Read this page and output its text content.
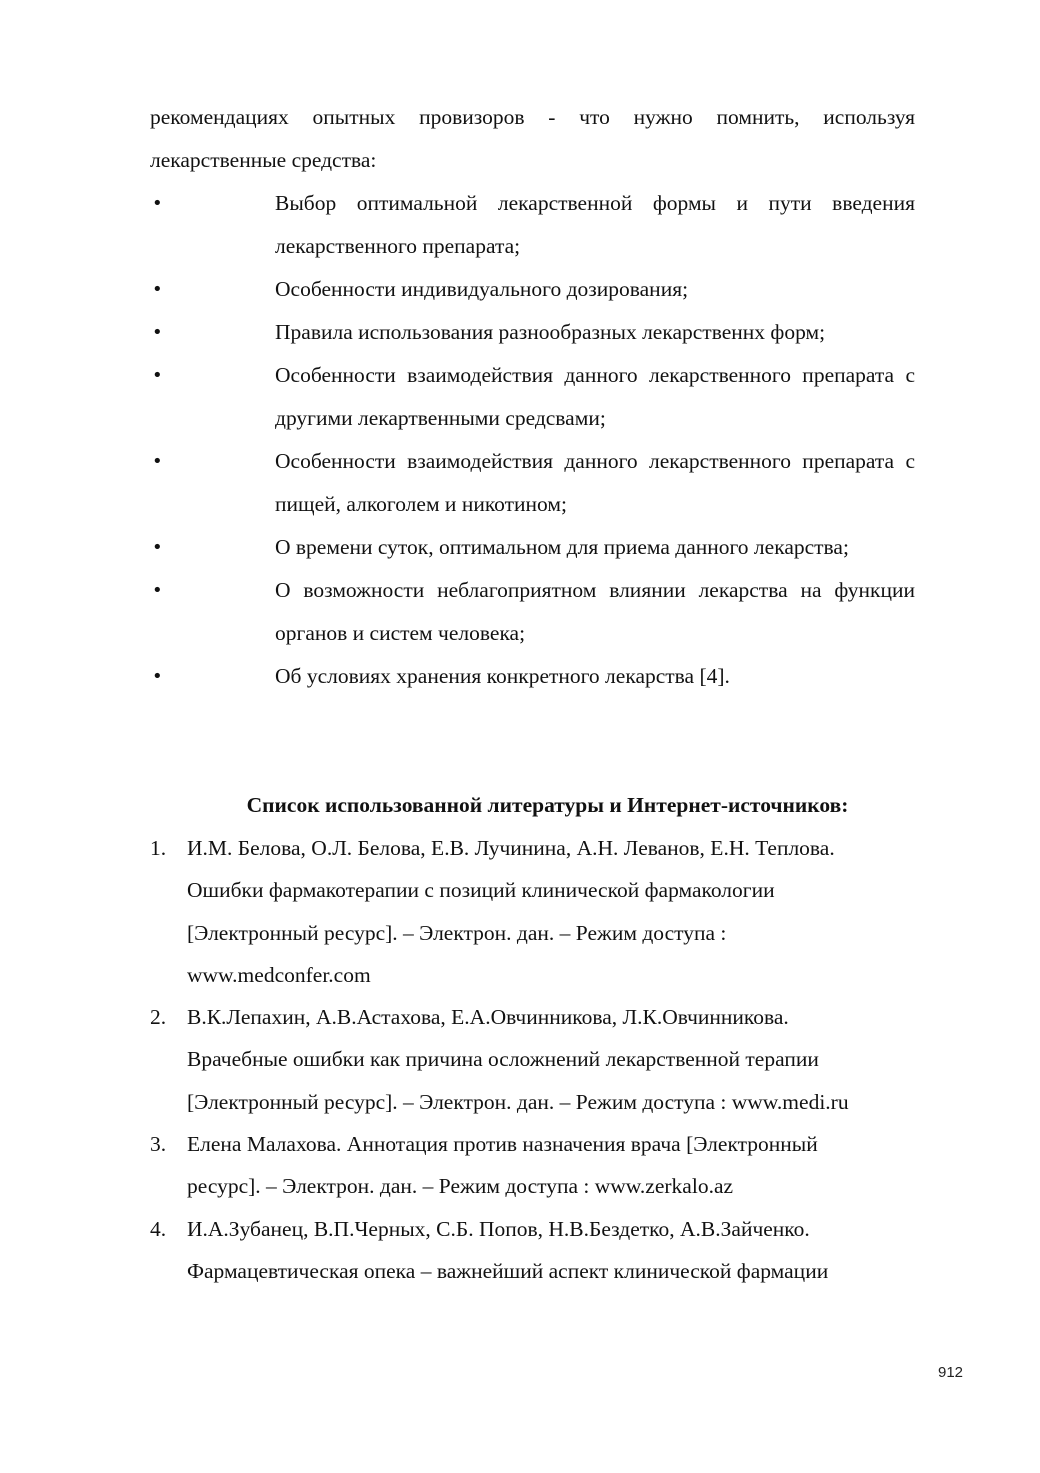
рекомендациях опытных провизоров - что нужно помнить, используя
лекарственные средства:
•	Выбор оптимальной лекарственной формы и пути введения лекарственного препарата;
•	Особенности индивидуального дозирования;
•	Правила использования разнообразных лекарственнх форм;
•	Особенности взаимодействия данного лекарственного препарата с другими лекартвенными средсвами;
•	Особенности взаимодействия данного лекарственного препарата с пищей, алкоголем и никотином;
•	О времени суток, оптимальном для приема данного лекарства;
•	О возможности неблагоприятном влиянии лекарства на функции органов и систем человека;
•	Об условиях хранения конкретного лекарства [4].
Список использованной литературы и Интернет-источников:
1. И.М. Белова, О.Л. Белова, Е.В. Лучинина, А.Н. Леванов, Е.Н. Теплова.
Ошибки фармакотерапии с позиций клинической фармакологии
[Электронный ресурс]. – Электрон. дан. – Режим доступа :
www.medconfer.com
2. В.К.Лепахин, А.В.Астахова, Е.А.Овчинникова, Л.К.Овчинникова.
Врачебные ошибки как причина осложнений лекарственной терапии
[Электронный ресурс]. – Электрон. дан. – Режим доступа : www.medi.ru
3. Елена Малахова. Аннотация против назначения врача [Электронный
ресурс]. – Электрон. дан. – Режим доступа : www.zerkalo.az
4. И.А.Зубанец, В.П.Черных, С.Б. Попов, Н.В.Бездетко, А.В.Зайченко.
Фармацевтическая опека – важнейший аспект клинической фармации
912
